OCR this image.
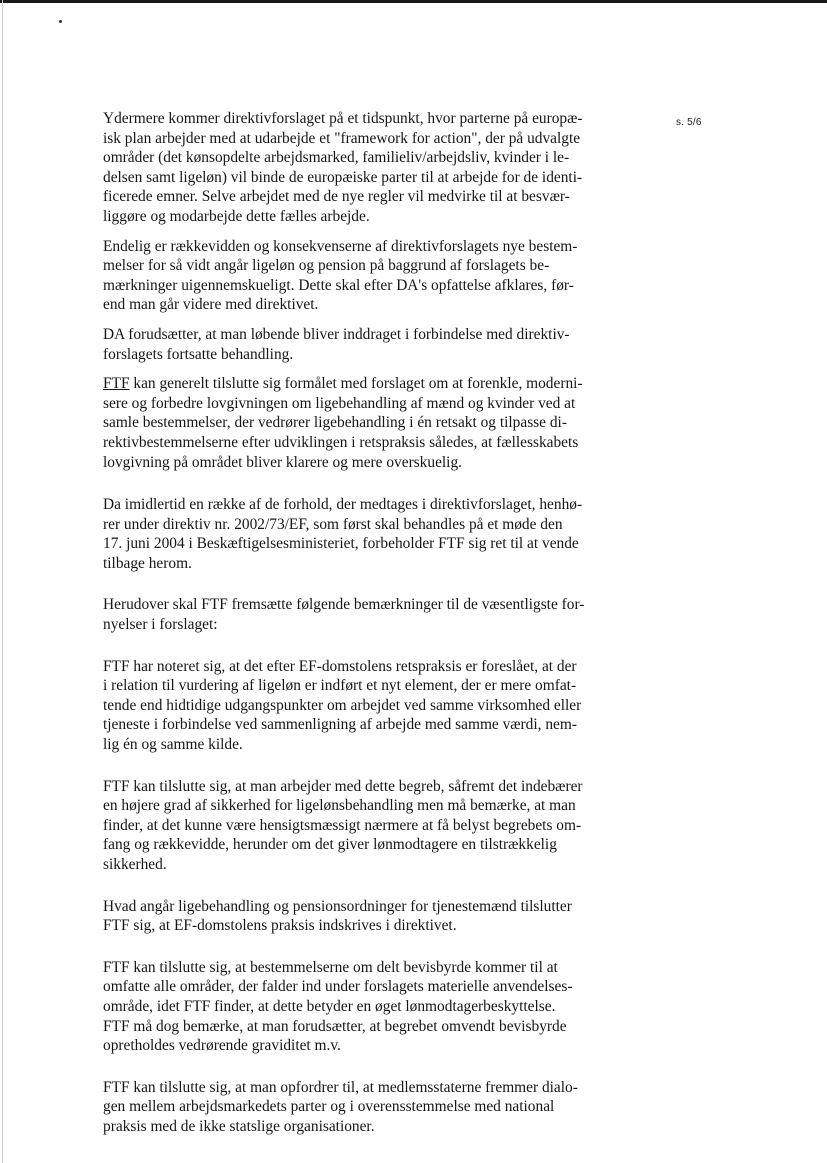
s. 5/6

Ydermere kommer direktivforslaget på et tidspunkt, hvor parterne på europæ-
isk plan arbejder med at udarbejde et "framework for action", der på udvalgte
områder (det kønsopdelte arbejdsmarked, familieliv/arbejdsliv, kvinder i le-
delsen samt ligeløn) vil binde de europæiske parter til at arbejde for de identi-
ficerede emner. Selve arbejdet med de nye regler vil medvirke til at besvær-
liggøre og modarbejde dette fælles arbejde.

Endelig er rækkevidden og konsekvenserne af direktivforslagets nye bestem-
melser for så vidt angår ligeløn og pension på baggrund af forslagets be-
mærkninger uigennemskueligt. Dette skal efter DA's opfattelse afklares, før-
end man går videre med direktivet.

DA forudsætter, at man løbende bliver inddraget i forbindelse med direktiv-
forslagets fortsatte behandling.

FTF kan generelt tilslutte sig formålet med forslaget om at forenkle, moderni-
sere og forbedre lovgivningen om ligebehandling af mænd og kvinder ved at
samle bestemmelser, der vedrører ligebehandling i én retsakt og tilpasse di-
rektivbestemmelserne efter udviklingen i retspraksis således, at fællesskabets
lovgivning på området bliver klarere og mere overskuelig.

Da imidlertid en række af de forhold, der medtages i direktivforslaget, henhø-
rer under direktiv nr. 2002/73/EF, som først skal behandles på et møde den
17. juni 2004 i Beskæftigelsesministeriet, forbeholder FTF sig ret til at vende
tilbage herom.

Herudover skal FTF fremsætte følgende bemærkninger til de væsentligste for-
nyelser i forslaget:

FTF har noteret sig, at det efter EF-domstolens retspraksis er foreslået, at der
i relation til vurdering af ligeløn er indført et nyt element, der er mere omfat-
tende end hidtidige udgangspunkter om arbejdet ved samme virksomhed eller
tjeneste i forbindelse ved sammenligning af arbejde med samme værdi, nem-
lig én og samme kilde.

FTF kan tilslutte sig, at man arbejder med dette begreb, såfremt det indebærer
en højere grad af sikkerhed for ligelønsbehandling men må bemærke, at man
finder, at det kunne være hensigtsmæssigt nærmere at få belyst begrebets om-
fang og rækkevidde, herunder om det giver lønmodtagere en tilstrækkelig
sikkerhed.

Hvad angår ligebehandling og pensionsordninger for tjenestemænd tilslutter
FTF sig, at EF-domstolens praksis indskrives i direktivet.

FTF kan tilslutte sig, at bestemmelserne om delt bevisbyrde kommer til at
omfatte alle områder, der falder ind under forslagets materielle anvendelses-
område, idet FTF finder, at dette betyder en øget lønmodtagerbeskyttelse.
FTF må dog bemærke, at man forudsætter, at begrebet omvendt bevisbyrde
opretholdes vedrørende graviditet m.v.

FTF kan tilslutte sig, at man opfordrer til, at medlemsstaterne fremmer dialo-
gen mellem arbejdsmarkedets parter og i overensstemmelse med national
praksis med de ikke statslige organisationer.
